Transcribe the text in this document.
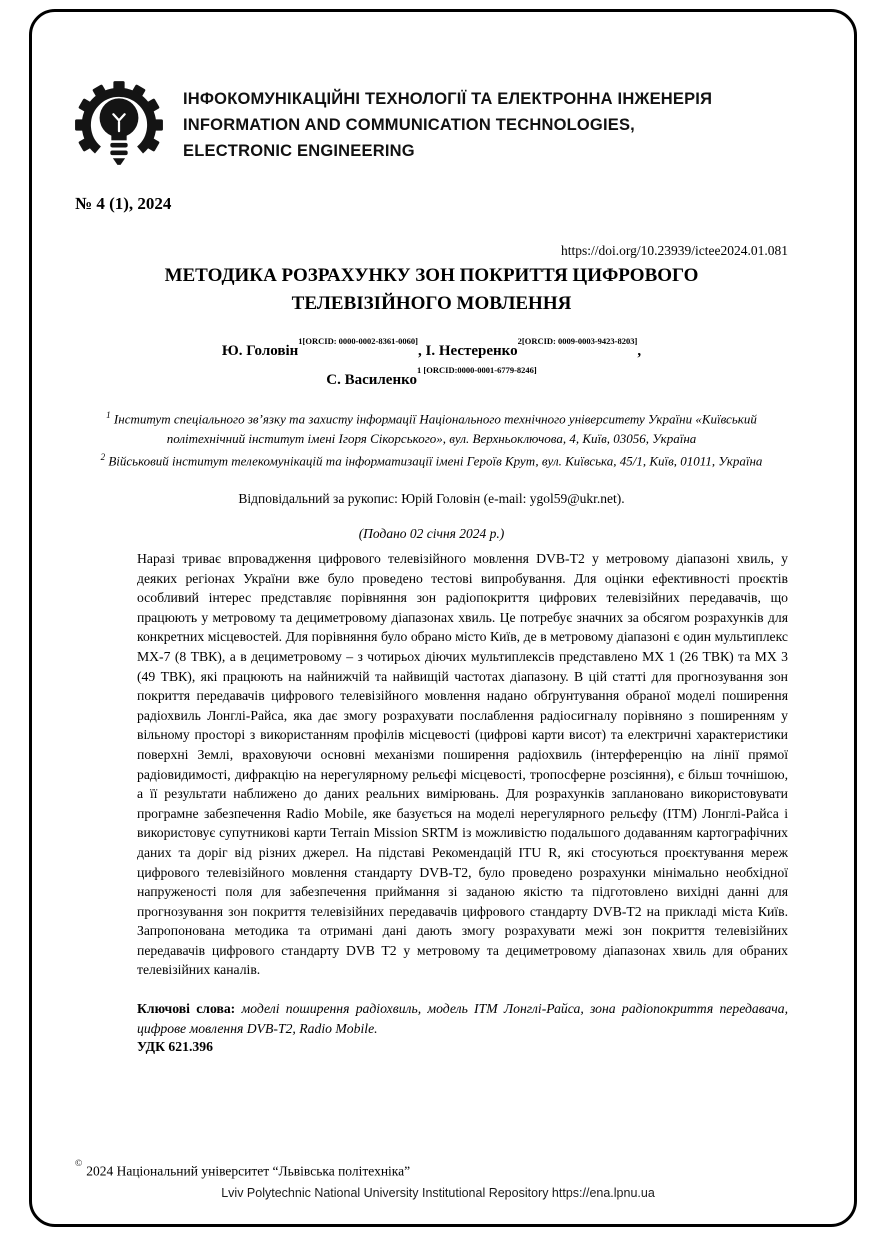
ІНФОКОМУНІКАЦІЙНІ ТЕХНОЛОГІЇ ТА ЕЛЕКТРОННА ІНЖЕНЕРІЯ
INFORMATION AND COMMUNICATION TECHNOLOGIES,
ELECTRONIC ENGINEERING
№ 4 (1), 2024
https://doi.org/10.23939/ictee2024.01.081
МЕТОДИКА РОЗРАХУНКУ ЗОН ПОКРИТТЯ ЦИФРОВОГО ТЕЛЕВІЗІЙНОГО МОВЛЕННЯ
Ю. Головін$^{1[ORCID: 0000-0002-8361-0060]}$, І. Нестеренко$^{2[ORCID: 0009-0003-9423-8203]}$,
С. Василенко$^{1 [ORCID:0000-0001-6779-8246]}$
$^1$ Інститут спеціального зв’язку та захисту інформації Національного технічного університету України «Київський політехнічний інститут імені Ігоря Сікорського», вул. Верхньоключова, 4, Київ, 03056, Україна
$^2$ Військовий інститут телекомунікацій та інформатизації імені Героїв Крут, вул. Київська, 45/1, Київ, 01011, Україна
Відповідальний за рукопис: Юрій Головін (e-mail: ygol59@ukr.net).
(Подано 02 січня 2024 р.)

Наразі триває впровадження цифрового телевізійного мовлення DVB-T2 у метровому діапазоні хвиль, у деяких регіонах України вже було проведено тестові випробування. Для оцінки ефективності проєктів особливий інтерес представляє порівняння зон радіопокриття цифрових телевізійних передавачів, що працюють у метровому та дециметровому діапазонах хвиль. Це потребує значних за обсягом розрахунків для конкретних місцевостей. Для порівняння було обрано місто Київ, де в метровому діапазоні є один мультиплекс МХ-7 (8 ТВК), а в дециметровому – з чотирьох діючих мультиплексів представлено МХ 1 (26 ТВК) та МХ 3 (49 ТВК), які працюють на найнижчій та найвищій частотах діапазону. В цій статті для прогнозування зон покриття передавачів цифрового телевізійного мовлення надано обґрунтування обраної моделі поширення радіохвиль Лонглі-Райса, яка дає змогу розрахувати послаблення радіосигналу порівняно з поширенням у вільному просторі з використанням профілів місцевості (цифрові карти висот) та електричні характеристики поверхні Землі, враховуючи основні механізми поширення радіохвиль (інтерференцію на лінії прямої радіовидимості, дифракцію на нерегулярному рельєфі місцевості, тропосферне розсіяння), є більш точнішою, а її результати наближено до даних реальних вимірювань. Для розрахунків заплановано використовувати програмне забезпечення Radio Mobile, яке базується на моделі нерегулярного рельєфу (ITM) Лонглі-Райса і використовує супутникові карти Terrain Mission SRTM із можливістю подальшого додаванням картографічних даних та доріг від різних джерел. На підставі Рекомендацій ITU R, які стосуються проєктування мереж цифрового телевізійного мовлення стандарту DVB-T2, було проведено розрахунки мінімально необхідної напруженості поля для забезпечення приймання зі заданою якістю та підготовлено вихідні данні для прогнозування зон покриття телевізійних передавачів цифрового стандарту DVB-T2 на прикладі міста Київ. Запропонована методика та отримані дані дають змогу розрахувати межі зон покриття телевізійних передавачів цифрового стандарту DVB T2 у метровому та дециметровому діапазонах хвиль для обраних телевізійних каналів.

Ключові слова: моделі поширення радіохвиль, модель ITM Лонглі-Райса, зона радіопокриття передавача, цифрове мовлення DVB-T2, Radio Mobile.

УДК 621.396

© 2024 Національний університет “Львівська політехніка”
Lviv Polytechnic National University Institutional Repository https://ena.lpnu.ua
